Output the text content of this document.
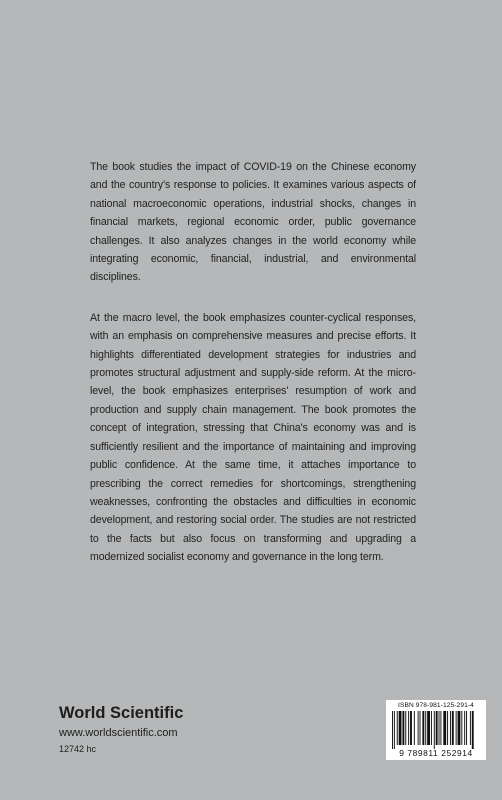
The book studies the impact of COVID-19 on the Chinese economy and the country's response to policies. It examines various aspects of national macroeconomic operations, industrial shocks, changes in financial markets, regional economic order, public governance challenges. It also analyzes changes in the world economy while integrating economic, financial, industrial, and environmental disciplines.

At the macro level, the book emphasizes counter-cyclical responses, with an emphasis on comprehensive measures and precise efforts. It highlights differentiated development strategies for industries and promotes structural adjustment and supply-side reform. At the micro-level, the book emphasizes enterprises' resumption of work and production and supply chain management. The book promotes the concept of integration, stressing that China's economy was and is sufficiently resilient and the importance of maintaining and improving public confidence. At the same time, it attaches importance to prescribing the correct remedies for shortcomings, strengthening weaknesses, confronting the obstacles and difficulties in economic development, and restoring social order. The studies are not restricted to the facts but also focus on transforming and upgrading a modernized socialist economy and governance in the long term.

World Scientific
www.worldscientific.com
12742 hc
ISBN 978-981-125-291-4
9 789811 252914
